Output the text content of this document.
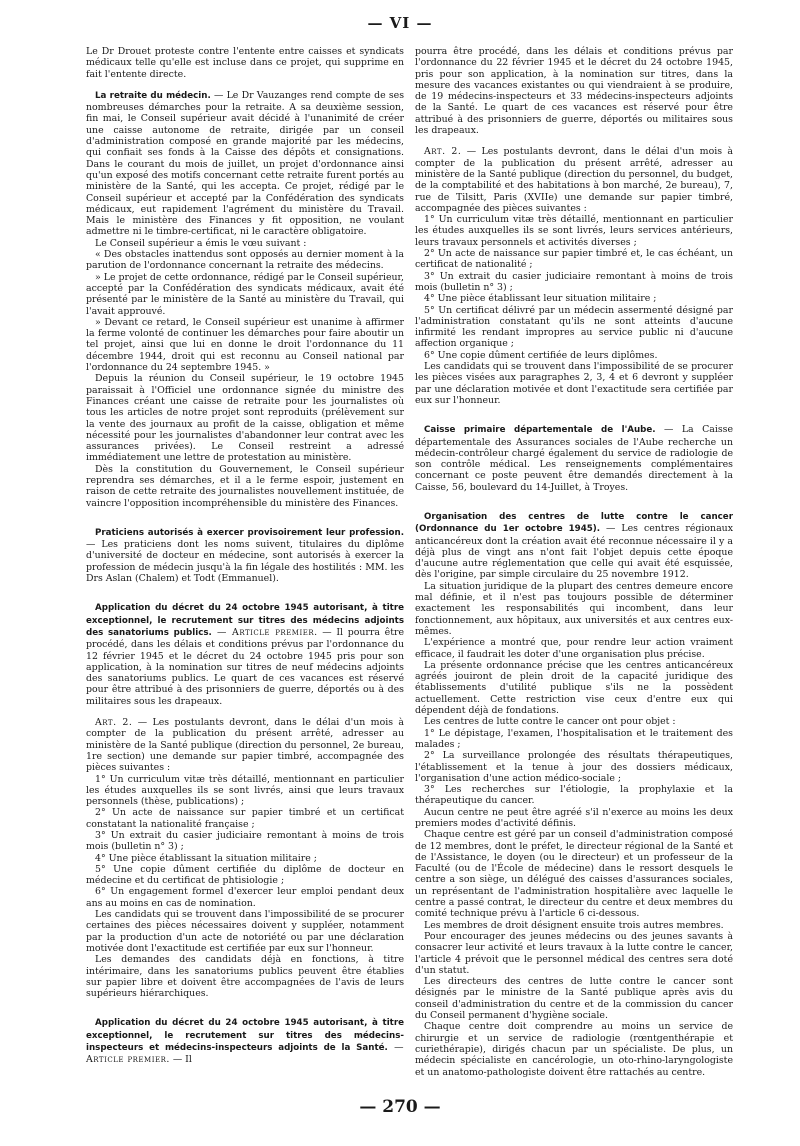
— VI —

Le Dr Drouet proteste contre l'entente entre caisses et syndicats médicaux telle qu'elle est incluse dans ce projet, qui supprime en fait l'entente directe.

La retraite du médecin. — Le Dr Vauzanges rend compte de ses nombreuses démarches pour la retraite. A sa deuxième session, fin mai, le Conseil supérieur avait décidé à l'unanimité de créer une caisse autonome de retraite, dirigée par un conseil d'administration composé en grande majorité par les médecins, qui confiait ses fonds à la Caisse des dépôts et consignations. Dans le courant du mois de juillet, un projet d'ordonnance ainsi qu'un exposé des motifs concernant cette retraite furent portés au ministère de la Santé, qui les accepta. Ce projet, rédigé par le Conseil supérieur et accepté par la Confédération des syndicats médicaux, eut rapidement l'agrément du ministère du Travail. Mais le ministère des Finances y fit opposition, ne voulant admettre ni le timbre-certificat, ni le caractère obligatoire.

Le Conseil supérieur a émis le vœu suivant :

« Des obstacles inattendus sont opposés au dernier moment à la parution de l'ordonnance concernant la retraite des médecins.

» Le projet de cette ordonnance, rédigé par le Conseil supérieur, accepté par la Confédération des syndicats médicaux, avait été présenté par le ministère de la Santé au ministère du Travail, qui l'avait approuvé.

» Devant ce retard, le Conseil supérieur est unanime à affirmer la ferme volonté de continuer les démarches pour faire aboutir un tel projet, ainsi que lui en donne le droit l'ordonnance du 11 décembre 1944, droit qui est reconnu au Conseil national par l'ordonnance du 24 septembre 1945. »

Depuis la réunion du Conseil supérieur, le 19 octobre 1945 paraissait à l'Officiel une ordonnance signée du ministre des Finances créant une caisse de retraite pour les journalistes où tous les articles de notre projet sont reproduits (prélèvement sur la vente des journaux au profit de la caisse, obligation et même nécessité pour les journalistes d'abandonner leur contrat avec les assurances privées). Le Conseil restreint a adressé immédiatement une lettre de protestation au ministère.

Dès la constitution du Gouvernement, le Conseil supérieur reprendra ses démarches, et il a le ferme espoir, justement en raison de cette retraite des journalistes nouvellement instituée, de vaincre l'opposition incompréhensible du ministère des Finances.

Praticiens autorisés à exercer provisoirement leur profession. — Les praticiens dont les noms suivent, titulaires du diplôme d'université de docteur en médecine, sont autorisés à exercer la profession de médecin jusqu'à la fin légale des hostilités : MM. les Drs Aslan (Chalem) et Todt (Emmanuel).

Application du décret du 24 octobre 1945 autorisant, à titre exceptionnel, le recrutement sur titres des médecins adjoints des sanatoriums publics. — Article premier. — Il pourra être procédé, dans les délais et conditions prévus par l'ordonnance du 12 février 1945 et le décret du 24 octobre 1945 pris pour son application, à la nomination sur titres de neuf médecins adjoints des sanatoriums publics. Le quart de ces vacances est réservé pour être attribué à des prisonniers de guerre, déportés ou à des militaires sous les drapeaux.

Art. 2. — Les postulants devront, dans le délai d'un mois à compter de la publication du présent arrêté, adresser au ministère de la Santé publique (direction du personnel, 2e bureau, 1re section) une demande sur papier timbré, accompagnée des pièces suivantes :

1° Un curriculum vitæ très détaillé, mentionnant en particulier les études auxquelles ils se sont livrés, ainsi que leurs travaux personnels (thèse, publications) ;

2° Un acte de naissance sur papier timbré et un certificat constatant la nationalité française ;

3° Un extrait du casier judiciaire remontant à moins de trois mois (bulletin n° 3) ;

4° Une pièce établissant la situation militaire ;

5° Une copie dûment certifiée du diplôme de docteur en médecine et du certificat de phtisiologie ;

6° Un engagement formel d'exercer leur emploi pendant deux ans au moins en cas de nomination.

Les candidats qui se trouvent dans l'impossibilité de se procurer certaines des pièces nécessaires doivent y suppléer, notamment par la production d'un acte de notoriété ou par une déclaration motivée dont l'exactitude est certifiée par eux sur l'honneur.

Les demandes des candidats déjà en fonctions, à titre intérimaire, dans les sanatoriums publics peuvent être établies sur papier libre et doivent être accompagnées de l'avis de leurs supérieurs hiérarchiques.

Application du décret du 24 octobre 1945 autorisant, à titre exceptionnel, le recrutement sur titres des médecins-inspecteurs et médecins-inspecteurs adjoints de la Santé. — Article premier. — Il

pourra être procédé, dans les délais et conditions prévus par l'ordonnance du 22 février 1945 et le décret du 24 octobre 1945, pris pour son application, à la nomination sur titres, dans la mesure des vacances existantes ou qui viendraient à se produire, de 19 médecins-inspecteurs et 33 médecins-inspecteurs adjoints de la Santé. Le quart de ces vacances est réservé pour être attribué à des prisonniers de guerre, déportés ou militaires sous les drapeaux.

Art. 2. — Les postulants devront, dans le délai d'un mois à compter de la publication du présent arrêté, adresser au ministère de la Santé publique (direction du personnel, du budget, de la comptabilité et des habitations à bon marché, 2e bureau), 7, rue de Tilsitt, Paris (XVIIe) une demande sur papier timbré, accompagnée des pièces suivantes :

1° Un curriculum vitæ très détaillé, mentionnant en particulier les études auxquelles ils se sont livrés, leurs services antérieurs, leurs travaux personnels et activités diverses ;

2° Un acte de naissance sur papier timbré et, le cas échéant, un certificat de nationalité ;

3° Un extrait du casier judiciaire remontant à moins de trois mois (bulletin n° 3) ;

4° Une pièce établissant leur situation militaire ;

5° Un certificat délivré par un médecin assermenté désigné par l'administration constatant qu'ils ne sont atteints d'aucune infirmité les rendant impropres au service public ni d'aucune affection organique ;

6° Une copie dûment certifiée de leurs diplômes.

Les candidats qui se trouvent dans l'impossibilité de se procurer les pièces visées aux paragraphes 2, 3, 4 et 6 devront y suppléer par une déclaration motivée et dont l'exactitude sera certifiée par eux sur l'honneur.

Caisse primaire départementale de l'Aube. — La Caisse départementale des Assurances sociales de l'Aube recherche un médecin-contrôleur chargé également du service de radiologie de son contrôle médical. Les renseignements complémentaires concernant ce poste peuvent être demandés directement à la Caisse, 56, boulevard du 14-Juillet, à Troyes.

Organisation des centres de lutte contre le cancer (Ordonnance du 1er octobre 1945). — Les centres régionaux anticancéreux dont la création avait été reconnue nécessaire il y a déjà plus de vingt ans n'ont fait l'objet depuis cette époque d'aucune autre réglementation que celle qui avait été esquissée, dès l'origine, par simple circulaire du 25 novembre 1912.

La situation juridique de la plupart des centres demeure encore mal définie, et il n'est pas toujours possible de déterminer exactement les responsabilités qui incombent, dans leur fonctionnement, aux hôpitaux, aux universités et aux centres eux-mêmes.

L'expérience a montré que, pour rendre leur action vraiment efficace, il faudrait les doter d'une organisation plus précise.

La présente ordonnance précise que les centres anticancéreux agréés jouiront de plein droit de la capacité juridique des établissements d'utilité publique s'ils ne la possèdent actuellement. Cette restriction vise ceux d'entre eux qui dépendent déjà de fondations.

Les centres de lutte contre le cancer ont pour objet :

1° Le dépistage, l'examen, l'hospitalisation et le traitement des malades ;

2° La surveillance prolongée des résultats thérapeutiques, l'établissement et la tenue à jour des dossiers médicaux, l'organisation d'une action médico-sociale ;

3° Les recherches sur l'étiologie, la prophylaxie et la thérapeutique du cancer.

Aucun centre ne peut être agréé s'il n'exerce au moins les deux premiers modes d'activité définis.

Chaque centre est géré par un conseil d'administration composé de 12 membres, dont le préfet, le directeur régional de la Santé et de l'Assistance, le doyen (ou le directeur) et un professeur de la Faculté (ou de l'École de médecine) dans le ressort desquels le centre a son siège, un délégué des caisses d'assurances sociales, un représentant de l'administration hospitalière avec laquelle le centre a passé contrat, le directeur du centre et deux membres du comité technique prévu à l'article 6 ci-dessous.

Les membres de droit désignent ensuite trois autres membres.

Pour encourager des jeunes médecins ou des jeunes savants à consacrer leur activité et leurs travaux à la lutte contre le cancer, l'article 4 prévoit que le personnel médical des centres sera doté d'un statut.

Les directeurs des centres de lutte contre le cancer sont désignés par le ministre de la Santé publique après avis du conseil d'administration du centre et de la commission du cancer du Conseil permanent d'hygiène sociale.

Chaque centre doit comprendre au moins un service de chirurgie et un service de radiologie (rœntgenthérapie et curiethérapie), dirigés chacun par un spécialiste. De plus, un médecin spécialiste en cancérologie, un oto-rhino-laryngologiste et un anatomo-pathologiste doivent être rattachés au centre.

— 270 —
